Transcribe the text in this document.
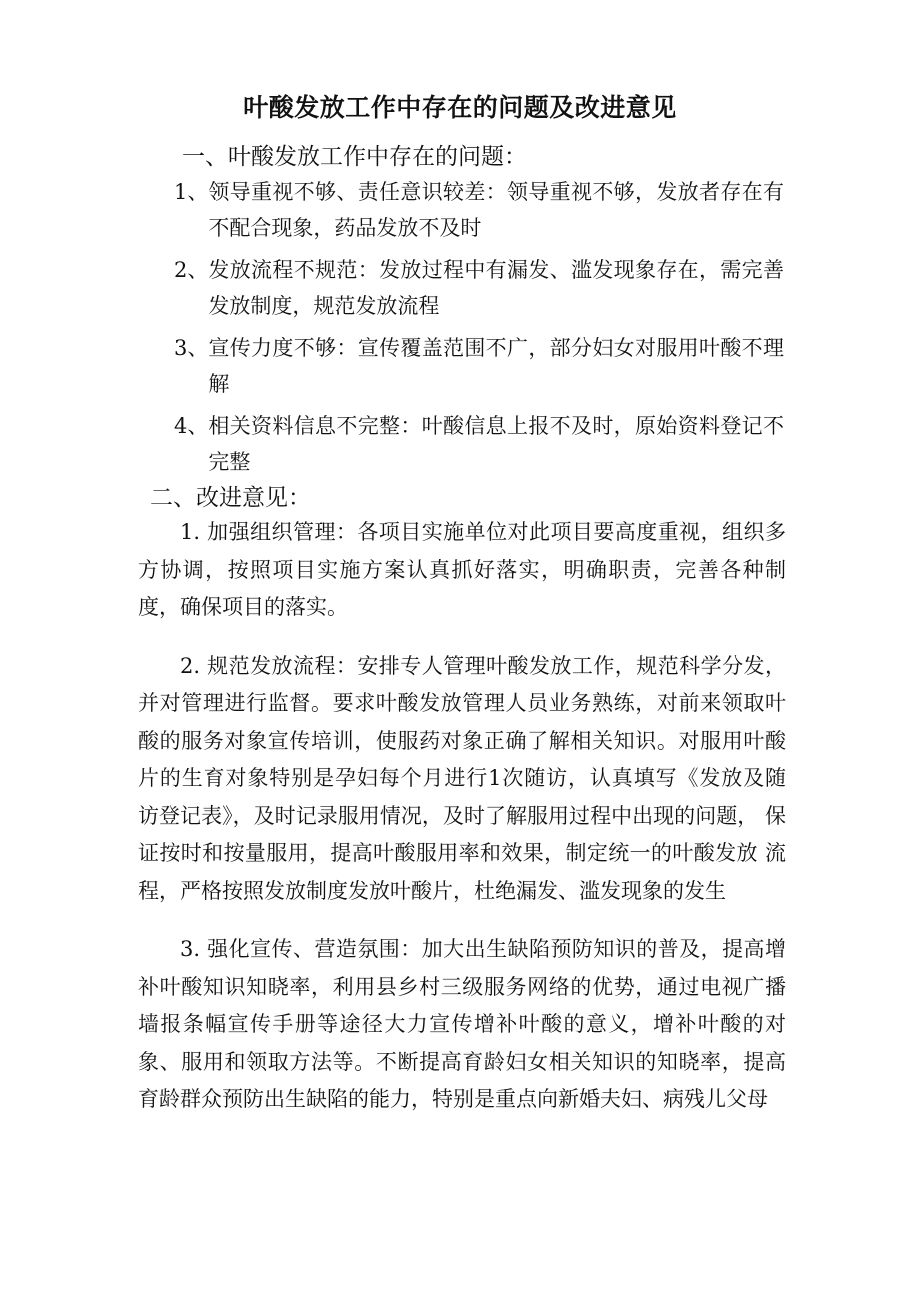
叶酸发放工作中存在的问题及改进意见
一、叶酸发放工作中存在的问题：
1、 领导重视不够、责任意识较差：领导重视不够，发放者存在有不配合现象，药品发放不及时
2、 发放流程不规范：发放过程中有漏发、滥发现象存在，需完善发放制度，规范发放流程
3、 宣传力度不够：宣传覆盖范围不广，部分妇女对服用叶酸不理解
4、 相关资料信息不完整：叶酸信息上报不及时，原始资料登记不完整
二、改进意见：

1. 加强组织管理：各项目实施单位对此项目要高度重视，组织多方协调，按照项目实施方案认真抓好落实，明确职责，完善各种制度，确保项目的落实。

2. 规范发放流程：安排专人管理叶酸发放工作，规范科学分发， 并对管理进行监督。要求叶酸发放管理人员业务熟练，对前来领取叶 酸的服务对象宣传培训，使服药对象正确了解相关知识。对服用叶酸 片的生育对象特别是孕妇每个月进行1次随访，认真填写《发放及随 访登记表》，及时记录服用情况，及时了解服用过程中出现的问题， 保证按时和按量服用，提高叶酸服用率和效果，制定统一的叶酸发放 流程，严格按照发放制度发放叶酸片，杜绝漏发、滥发现象的发生

3. 强化宣传、营造氛围：加大出生缺陷预防知识的普及，提高增补叶酸知识知晓率，利用县乡村三级服务网络的优势，通过电视广播墙报条幅宣传手册等途径大力宣传增补叶酸的意义，增补叶酸的对象、服用和领取方法等。不断提高育龄妇女相关知识的知晓率，提高育龄群众预防出生缺陷的能力，特别是重点向新婚夫妇、病残儿父母
